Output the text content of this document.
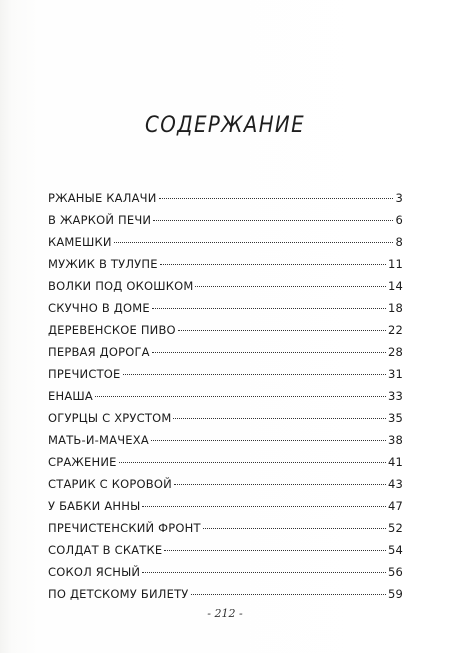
СОДЕРЖАНИЕ
РЖАНЫЕ КАЛАЧИ	3
В ЖАРКОЙ ПЕЧИ	6
КАМЕШКИ	8
МУЖИК В ТУЛУПЕ	11
ВОЛКИ ПОД ОКОШКОМ	14
СКУЧНО В ДОМЕ	18
ДЕРЕВЕНСКОЕ ПИВО	22
ПЕРВАЯ ДОРОГА	28
ПРЕЧИСТОЕ	31
ЕНАША	33
ОГУРЦЫ С ХРУСТОМ	35
МАТЬ-И-МАЧЕХА	38
СРАЖЕНИЕ	41
СТАРИК С КОРОВОЙ	43
У БАБКИ АННЫ	47
ПРЕЧИСТЕНСКИЙ ФРОНТ	52
СОЛДАТ В СКАТКЕ	54
СОКОЛ ЯСНЫЙ	56
ПО ДЕТСКОМУ БИЛЕТУ	59
- 212 -
